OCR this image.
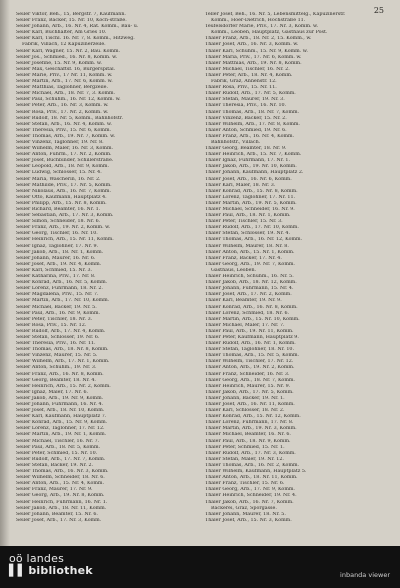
25
Seiler Viktor, Beh., 15, Bergstr. 7, Kaufmann.
Seiler Franz, Bäcker, 15. Nr. 10, Koch-straße.
Seiler Johann, Arb., 16. Nr. 4, Rat. Komm., Bau- u.
Seiler Karl, Buchhalter, Am Gries 10.
Seiler Karl, Tischl. 16. Nr. 7, 8. Komm., Hitzweg.
Fabrik, Villach, 12 Kapuzinerzeile.
Seiler Karl, Wagner, 15. Nr. 2, Bau. Komm.
Seiler Jos., Schmied., 16. Nr. 8, Komm. w.
Seiler Josefine, 15. Nr. 9, Komm. w.
Seiler Max, Geschäftsf. 16, Bürgerspital.
Seiler Marie, Priv., 17 Nr. 11, Komm. w.
Seiler Martin, Arb., 17. Nr. 6, Komm. w.
Seiler Matthias, Taglöhner, Bergzeile.
Seiler Michael, Arb., 18. Nr. 7, 3. Komm.
Seiler Paul, Schuhm., 16. Nr. 12, Komm. w.
Seiler Peter, Arb., 16. Nr. 3, Komm. w.
Seiler Rosa, Priv., 17. Nr. 2, Komm. w.
Seiler Rudolf, 18. Nr. 5, Komm., Bahnhofstr.
Seiler Stefan, Arb., 16. Nr. 4, Komm. w.
Seiler Theresia, Priv., 15. Nr. 6, Komm.
Seiler Thomas, Arb., 19. Nr. 7, Komm. w.
Seiler Vinzenz, Taglöhner, 19. Nr. 8.
Seiler Wilhelm, Maler, 16. Nr. 3, Komm.
Seiler Anton, Fuhrm., 17. Nr. 2, Komm.
Seiler Josef, Buchbinder, Schillerstraße.
Seiler Leopold, Arb., 18. Nr. 9, Komm.
Seiler Ludwig, Schlosser, 15. Nr. 4.
Seiler Maria, Wäscherin, 16. Nr. 2.
Seiler Mathilde, Priv., 17. Nr. 5, Komm.
Seiler Nikolaus, Arb., 16. Nr. 7, Komm.
Seiler Otto, Kaufmann, Hauptplatz 4.
Seiler Philipp, Arb., 15. Nr. 8, Komm.
Seiler Richard, Beamter, 16. Nr. 1.
Seiler Sebastian, Arb., 17. Nr. 3, Komm.
Seiler Simon, Schneider, 18. Nr. 6.
Seiler Franz, Arb., 19. Nr. 2, Komm. w.
Seiler Georg, Tischler, 16. Nr. 10.
Seiler Heinrich, Arb., 15. Nr. 11, Komm.
Seiler Ignaz, Taglöhner, 17. Nr. 9.
Seiler Jakob, Arb., 18. Nr. 1, Komm.
Seiler Johann, Maurer, 16. Nr. 6.
Seiler Josef, Arb., 19. Nr. 4, Komm.
Seiler Karl, Schmied, 15. Nr. 3.
Seiler Katharina, Priv., 17. Nr. 8.
Seiler Konrad, Arb., 16. Nr. 5, Komm.
Seiler Lorenz, Fuhrmann, 18. Nr. 2.
Seiler Magdalena, Priv., 15. Nr. 7.
Seiler Martin, Arb., 17. Nr. 10, Komm.
Seiler Michael, Bäcker, 19. Nr. 5.
Seiler Paul, Arb., 16. Nr. 9, Komm.
Seiler Peter, Tischler, 18. Nr. 3.
Seiler Rosa, Priv., 15. Nr. 12.
Seiler Rudolf, Arb., 17. Nr. 4, Komm.
Seiler Stefan, Schlosser, 19. Nr. 6.
Seiler Theresia, Priv., 16. Nr. 11.
Seiler Thomas, Arb., 18. Nr. 8, Komm.
Seiler Vinzenz, Maurer, 15. Nr. 5.
Seiler Wilhelm, Arb., 17. Nr. 1, Komm.
Seiler Anton, Schuhm., 19. Nr. 3.
Seiler Franz, Arb., 16. Nr. 8, Komm.
Seiler Georg, Beamter, 18. Nr. 4.
Seiler Heinrich, Arb., 15. Nr. 2, Komm.
Seiler Ignaz, Maler, 17. Nr. 6.
Seiler Jakob, Arb., 19. Nr. 9, Komm.
Seiler Johann, Fuhrmann, 16. Nr. 4.
Seiler Josef, Arb., 18. Nr. 10, Komm.
Seiler Karl, Kaufmann, Hauptplatz 7.
Seiler Konrad, Arb., 15. Nr. 9, Komm.
Seiler Lorenz, Taglöhner, 17. Nr. 12.
Seiler Martin, Arb., 19. Nr. 1, Komm.
Seiler Michael, Tischler, 16. Nr. 7.
Seiler Paul, Arb., 18. Nr. 5, Komm.
Seiler Peter, Schmied, 15. Nr. 10.
Seiler Rudolf, Arb., 17. Nr. 7, Komm.
Seiler Stefan, Bäcker, 19. Nr. 2.
Seiler Thomas, Arb., 16. Nr. 3, Komm.
Seiler Wilhelm, Schneider, 18. Nr. 6.
Seiler Anton, Arb., 15. Nr. 4, Komm.
Seiler Franz, Maurer, 17. Nr. 9.
Seiler Georg, Arb., 19. Nr. 8, Komm.
Seiler Heinrich, Fuhrmann, 16. Nr. 1.
Seiler Jakob, Arb., 18. Nr. 11, Komm.
Seiler Johann, Beamter, 15. Nr. 6.
Seiler Josef, Arb., 17. Nr. 3, Komm.
Teller Josef, Beh., 16. Nr. 5, Lebensmittelg., Kapuzinerstr.
Komm., Hoer-Dietrich, Hochstraße 11.
Teufelsdorfer Marie, Priv., 17. Nr. 3, Komm. w.
Komm., Leoben, Hauptplatz, Gasthaus zur Post.
Thaler Franz, Arb., 18. Nr. 2, 15. Komm., w.
Thaler Josef, Arb., 16. Nr. 3, Komm. w.
Thaler Karl, Schuhm., 15. Nr. 9, Komm. w.
Thaler Maria, Priv., 17. Nr. 6, Komm. w.
Thaler Matthias, Arb., 19. Nr. 8, Komm.
Thaler Michael, Tischler, 16. Nr. 2.
Thaler Peter, Arb., 18. Nr. 4, Komm.
Fabrik, Graz, Annenstr. 12.
Thaler Rosa, Priv., 15. Nr. 11.
Thaler Rudolf, Arb., 17. Nr. 5, Komm.
Thaler Stefan, Maurer, 19. Nr. 3.
Thaler Theresia, Priv., 16. Nr. 10.
Thaler Thomas, Arb., 18. Nr. 7, Komm.
Thaler Vinzenz, Bäcker, 15. Nr. 2.
Thaler Wilhelm, Arb., 17. Nr. 8, Komm.
Thaler Anton, Schmied, 19. Nr. 6.
Thaler Franz, Arb., 16. Nr. 4, Komm.
Bahnhofstr., Villach.
Thaler Georg, Beamter, 18. Nr. 9.
Thaler Heinrich, Arb., 15. Nr. 7, Komm.
Thaler Ignaz, Fuhrmann, 17. Nr. 1.
Thaler Jakob, Arb., 19. Nr. 10, Komm.
Thaler Johann, Kaufmann, Hauptplatz 2.
Thaler Josef, Arb., 16. Nr. 6, Komm.
Thaler Karl, Maler, 18. Nr. 3.
Thaler Konrad, Arb., 15. Nr. 8, Komm.
Thaler Lorenz, Taglöhner, 17. Nr. 11.
Thaler Martin, Arb., 19. Nr. 5, Komm.
Thaler Michael, Schneider, 16. Nr. 9.
Thaler Paul, Arb., 18. Nr. 1, Komm.
Thaler Peter, Tischler, 15. Nr. 3.
Thaler Rudolf, Arb., 17. Nr. 10, Komm.
Thaler Stefan, Schlosser, 19. Nr. 4.
Thaler Thomas, Arb., 16. Nr. 12, Komm.
Thaler Wilhelm, Maurer, 18. Nr. 8.
Thaler Anton, Arb., 15. Nr. 1, Komm.
Thaler Franz, Bäcker, 17. Nr. 4.
Thaler Georg, Arb., 19. Nr. 7, Komm.
Gasthaus, Leoben.
Thaler Heinrich, Schuhm., 16. Nr. 5.
Thaler Jakob, Arb., 18. Nr. 12, Komm.
Thaler Johann, Fuhrmann, 15. Nr. 4.
Thaler Josef, Arb., 17. Nr. 2, Komm.
Thaler Karl, Beamter, 19. Nr. 9.
Thaler Konrad, Arb., 16. Nr. 8, Komm.
Thaler Lorenz, Schmied, 18. Nr. 6.
Thaler Martin, Arb., 15. Nr. 10, Komm.
Thaler Michael, Maler, 17. Nr. 7.
Thaler Paul, Arb., 19. Nr. 11, Komm.
Thaler Peter, Kaufmann, Hauptplatz 9.
Thaler Rudolf, Arb., 16. Nr. 1, Komm.
Thaler Stefan, Taglöhner, 18. Nr. 10.
Thaler Thomas, Arb., 15. Nr. 5, Komm.
Thaler Wilhelm, Tischler, 17. Nr. 12.
Thaler Anton, Arb., 19. Nr. 2, Komm.
Thaler Franz, Schneider, 16. Nr. 3.
Thaler Georg, Arb., 18. Nr. 7, Komm.
Thaler Heinrich, Maurer, 15. Nr. 9.
Thaler Jakob, Arb., 17. Nr. 5, Komm.
Thaler Johann, Bäcker, 19. Nr. 1.
Thaler Josef, Arb., 16. Nr. 11, Komm.
Thaler Karl, Schlosser, 18. Nr. 2.
Thaler Konrad, Arb., 15. Nr. 12, Komm.
Thaler Lorenz, Fuhrmann, 17. Nr. 8.
Thaler Martin, Arb., 19. Nr. 3, Komm.
Thaler Michael, Beamter, 16. Nr. 6.
Thaler Paul, Arb., 18. Nr. 9, Komm.
Thaler Peter, Schmied, 15. Nr. 1.
Thaler Rudolf, Arb., 17. Nr. 3, Komm.
Thaler Stefan, Maler, 19. Nr. 12.
Thaler Thomas, Arb., 16. Nr. 2, Komm.
Thaler Wilhelm, Kaufmann, Hauptplatz 5.
Thaler Anton, Arb., 18. Nr. 11, Komm.
Thaler Franz, Tischler, 15. Nr. 6.
Thaler Georg, Arb., 17. Nr. 9, Komm.
Thaler Heinrich, Schneider, 19. Nr. 4.
Thaler Jakob, Arb., 16. Nr. 7, Komm.
Bäckerei, Graz, Sporgasse.
Thaler Johann, Maurer, 18. Nr. 5.
Thaler Josef, Arb., 15. Nr. 3, Komm.
oö landes
▌▌ bibliothek	inbanda viewer
